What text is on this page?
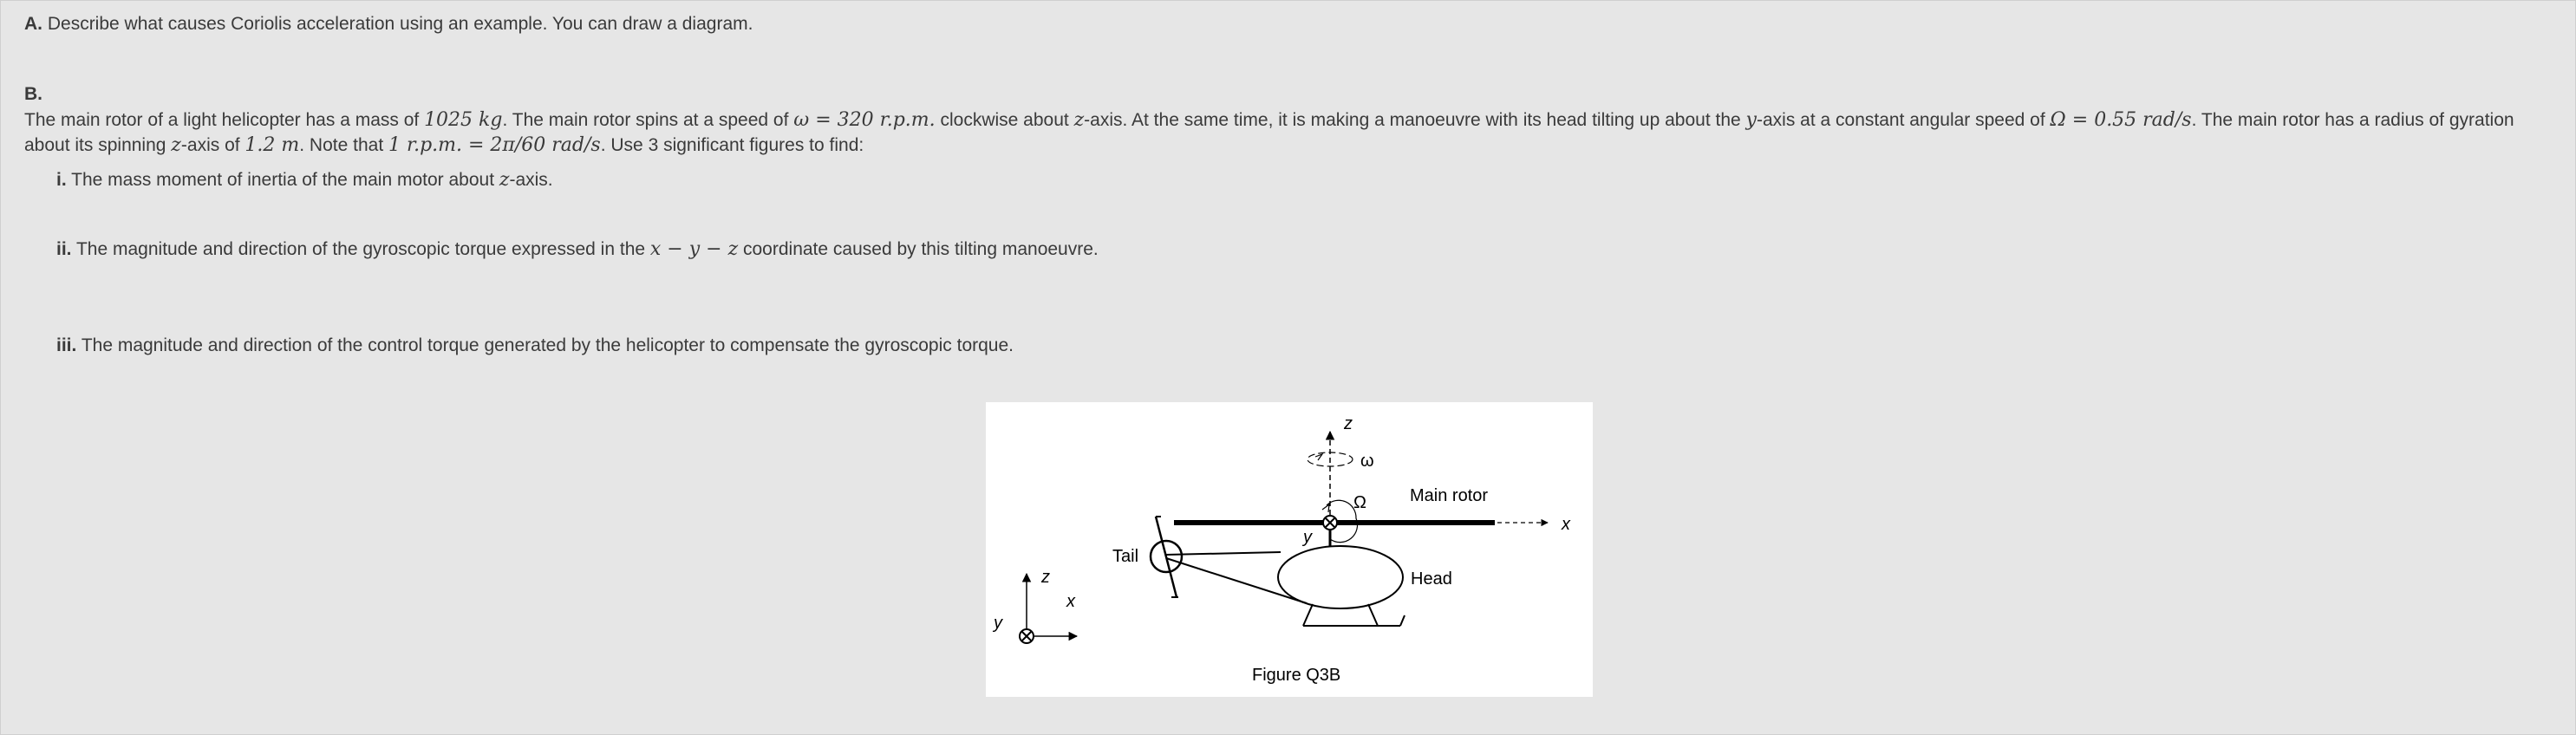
A. Describe what causes Coriolis acceleration using an example. You can draw a diagram.
B.
The main rotor of a light helicopter has a mass of 1025 kg. The main rotor spins at a speed of ω = 320 r.p.m. clockwise about z-axis. At the same time, it is making a manoeuvre with its head tilting up about the y-axis at a constant angular speed of Ω = 0.55 rad/s. The main rotor has a radius of gyration
about its spinning z-axis of 1.2 m. Note that 1 r.p.m. = 2π/60 rad/s. Use 3 significant figures to find:
i. The mass moment of inertia of the main motor about z-axis.
ii. The magnitude and direction of the gyroscopic torque expressed in the x − y − z coordinate caused by this tilting manoeuvre.
iii. The magnitude and direction of the control torque generated by the helicopter to compensate the gyroscopic torque.
z
ω
Ω	Main rotor
x
y
Head
Tail
z
x
y
Figure Q3B
